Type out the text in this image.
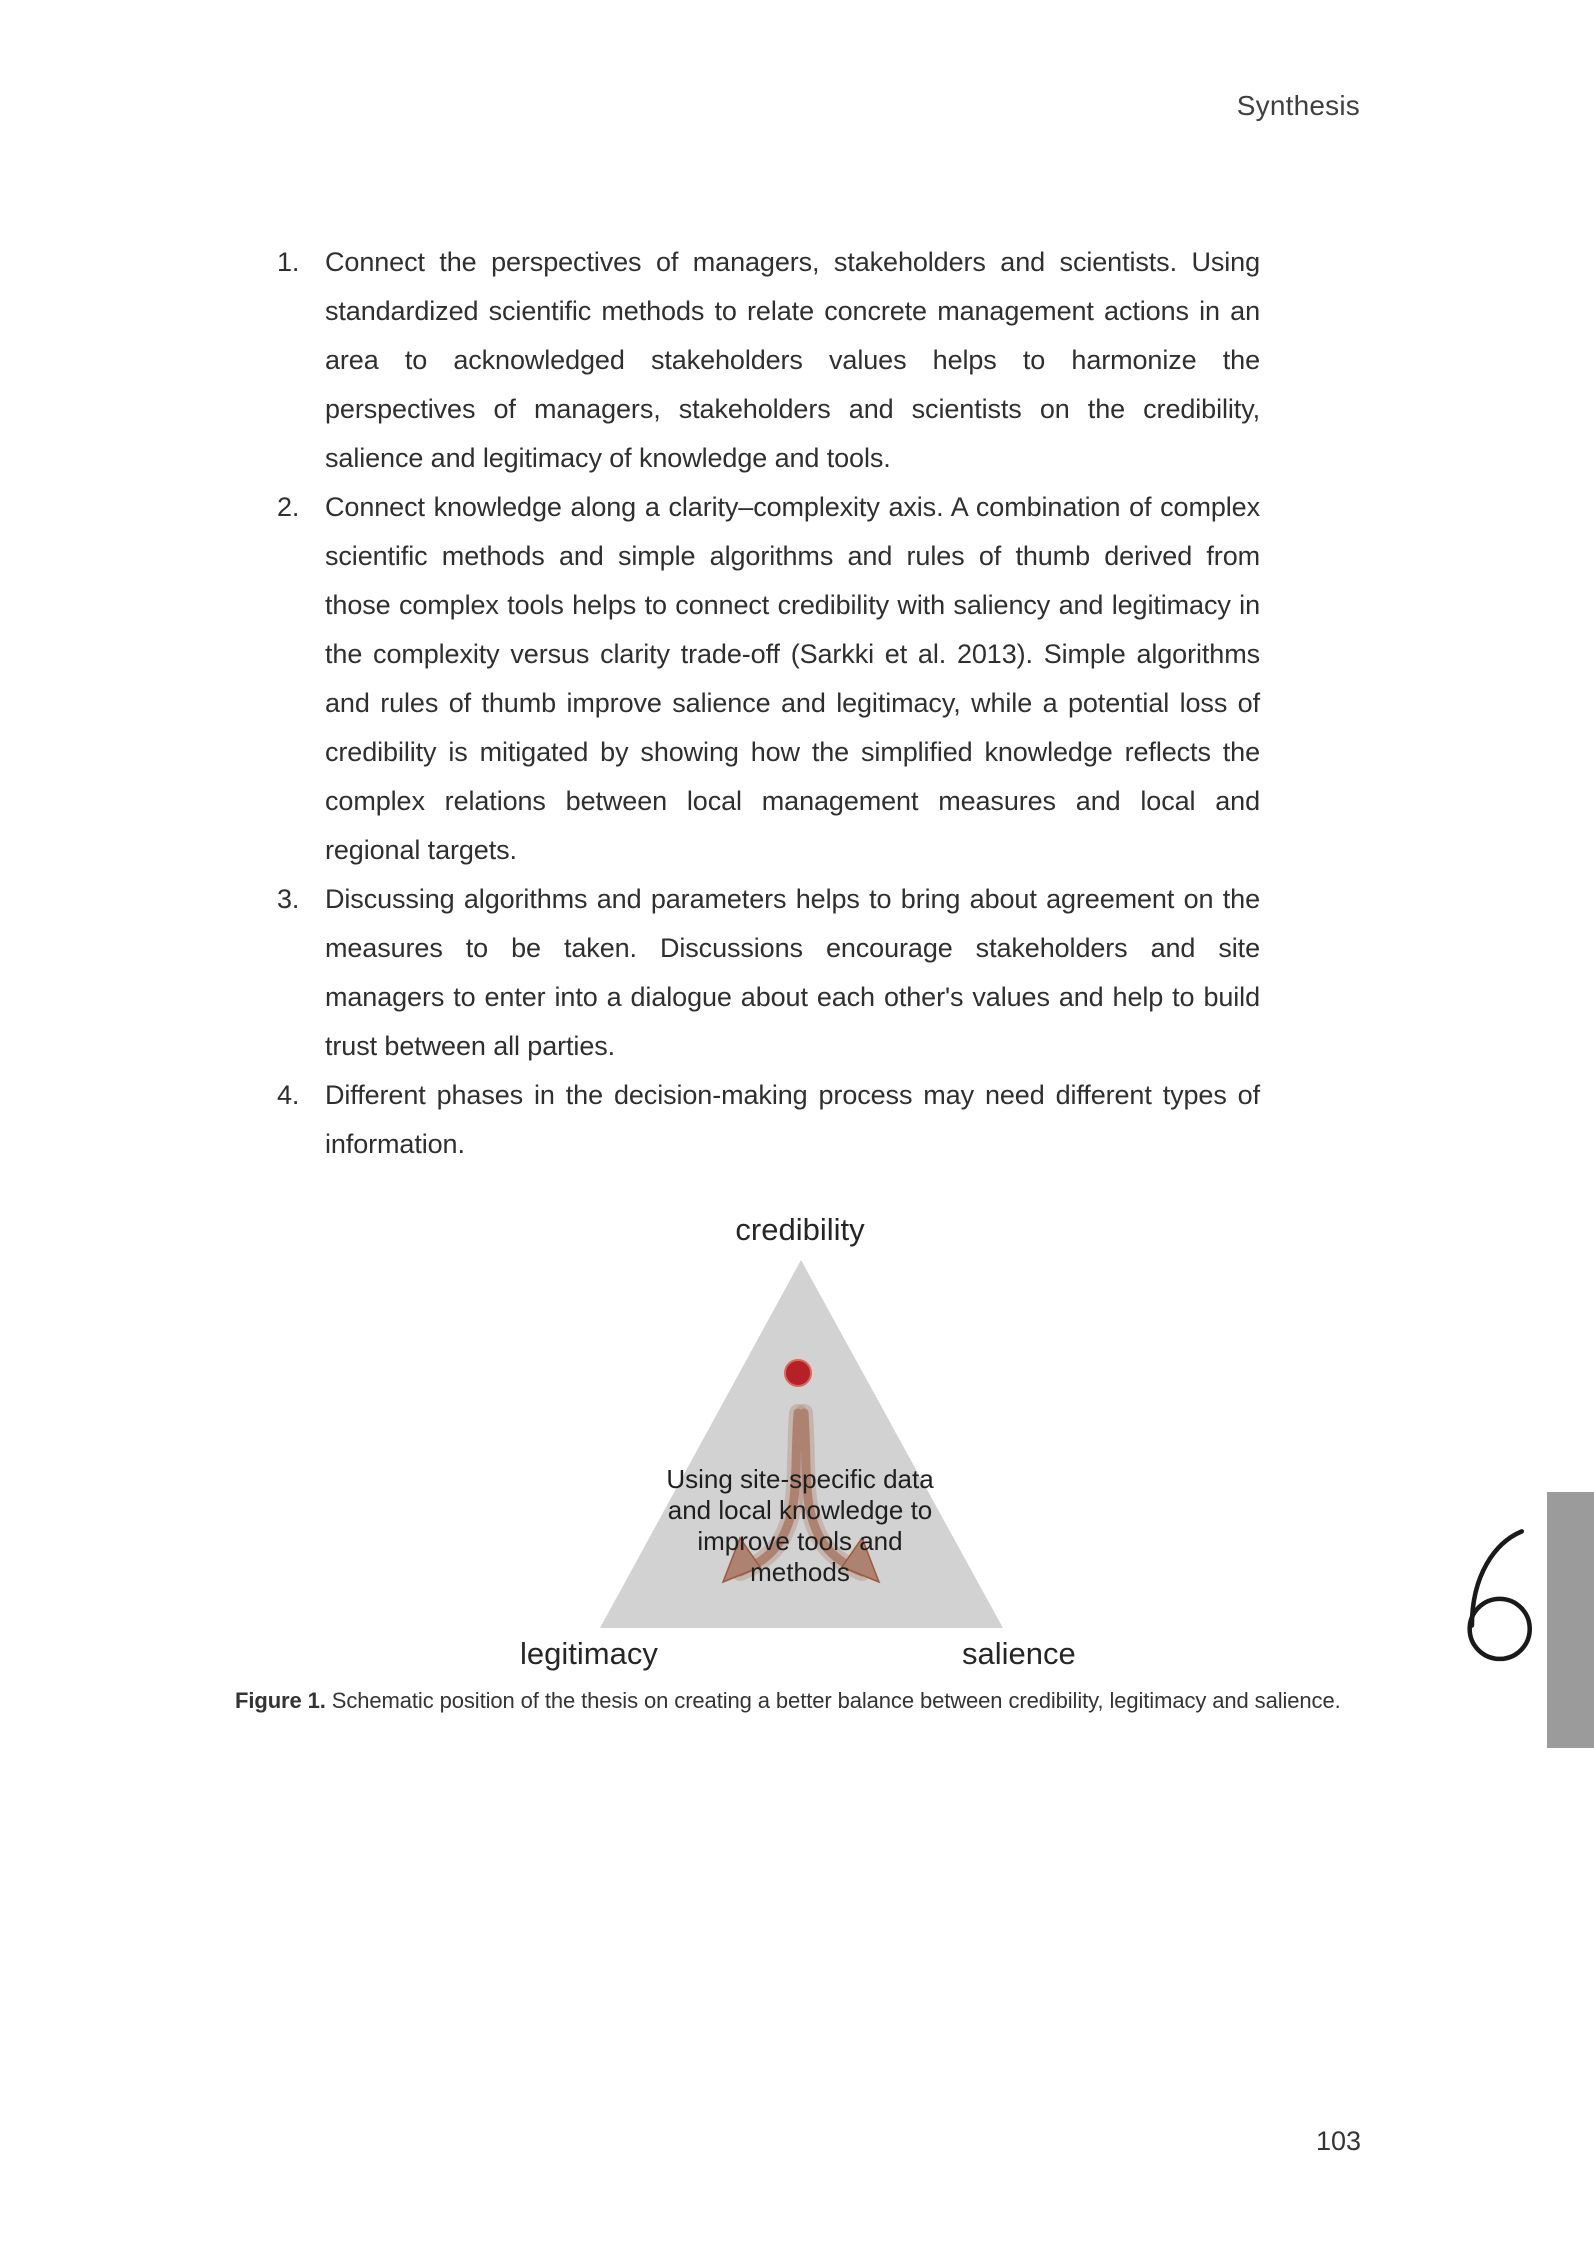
Synthesis
1. Connect the perspectives of managers, stakeholders and scientists. Using standardized scientific methods to relate concrete management actions in an area to acknowledged stakeholders values helps to harmonize the perspectives of managers, stakeholders and scientists on the credibility, salience and legitimacy of knowledge and tools.
2. Connect knowledge along a clarity–complexity axis. A combination of complex scientific methods and simple algorithms and rules of thumb derived from those complex tools helps to connect credibility with saliency and legitimacy in the complexity versus clarity trade-off (Sarkki et al. 2013). Simple algorithms and rules of thumb improve salience and legitimacy, while a potential loss of credibility is mitigated by showing how the simplified knowledge reflects the complex relations between local management measures and local and regional targets.
3. Discussing algorithms and parameters helps to bring about agreement on the measures to be taken. Discussions encourage stakeholders and site managers to enter into a dialogue about each other's values and help to build trust between all parties.
4. Different phases in the decision-making process may need different types of information.
credibility
Using site-specific data
and local knowledge to
improve tools and
methods
legitimacy	salience
Figure 1. Schematic position of the thesis on creating a better balance between credibility, legitimacy and salience.
103
